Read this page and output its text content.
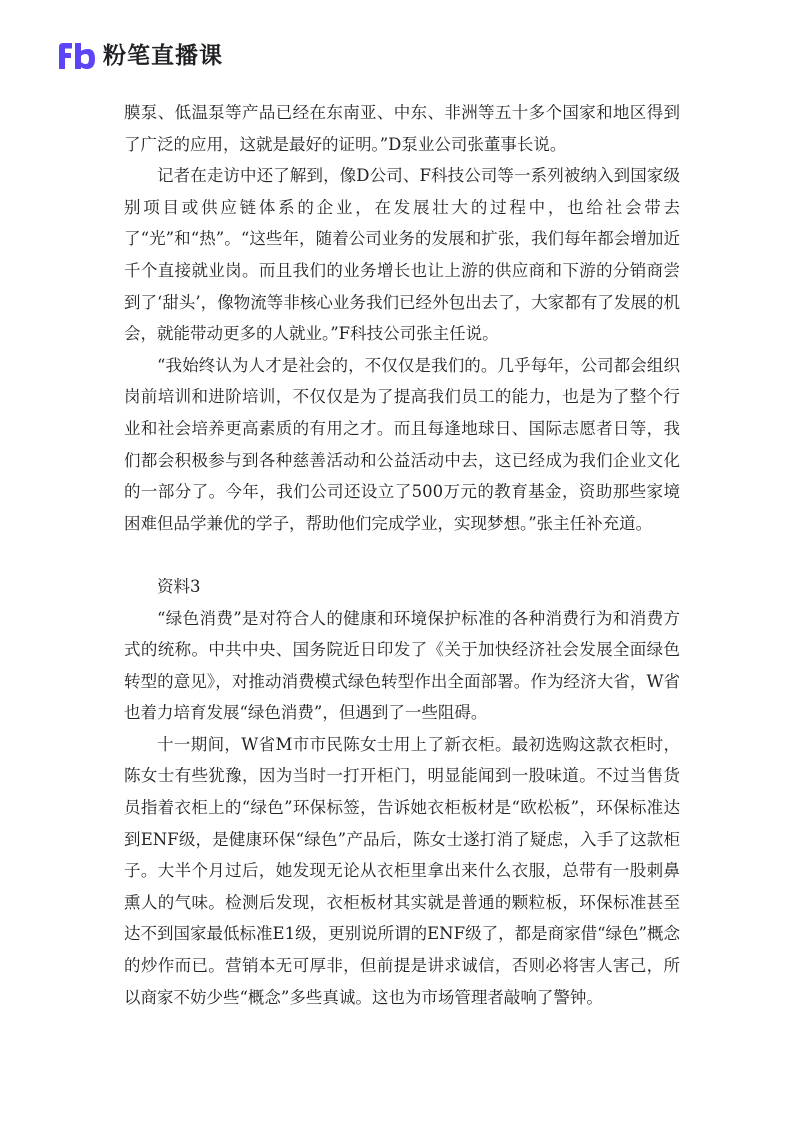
粉笔直播课

膜泵、低温泵等产品已经在东南亚、中东、非洲等五十多个国家和地区得到了广泛的应用，这就是最好的证明。”D泵业公司张董事长说。

记者在走访中还了解到，像D公司、F科技公司等一系列被纳入到国家级别项目或供应链体系的企业，在发展壮大的过程中，也给社会带去了“光”和“热”。“这些年，随着公司业务的发展和扩张，我们每年都会增加近千个直接就业岗。而且我们的业务增长也让上游的供应商和下游的分销商尝到了‘甜头’，像物流等非核心业务我们已经外包出去了，大家都有了发展的机会，就能带动更多的人就业。”F科技公司张主任说。

“我始终认为人才是社会的，不仅仅是我们的。几乎每年，公司都会组织岗前培训和进阶培训，不仅仅是为了提高我们员工的能力，也是为了整个行业和社会培养更高素质的有用之才。而且每逢地球日、国际志愿者日等，我们都会积极参与到各种慈善活动和公益活动中去，这已经成为我们企业文化的一部分了。今年，我们公司还设立了500万元的教育基金，资助那些家境困难但品学兼优的学子，帮助他们完成学业，实现梦想。”张主任补充道。

资料3

“绿色消费”是对符合人的健康和环境保护标准的各种消费行为和消费方式的统称。中共中央、国务院近日印发了《关于加快经济社会发展全面绿色转型的意见》，对推动消费模式绿色转型作出全面部署。作为经济大省，W省也着力培育发展“绿色消费”，但遇到了一些阻碍。

十一期间，W省M市市民陈女士用上了新衣柜。最初选购这款衣柜时，陈女士有些犹豫，因为当时一打开柜门，明显能闻到一股味道。不过当售货员指着衣柜上的“绿色”环保标签，告诉她衣柜板材是“欧松板”，环保标准达到ENF级，是健康环保“绿色”产品后，陈女士遂打消了疑虑，入手了这款柜子。大半个月过后，她发现无论从衣柜里拿出来什么衣服，总带有一股刺鼻熏人的气味。检测后发现，衣柜板材其实就是普通的颗粒板，环保标准甚至达不到国家最低标准E1级，更别说所谓的ENF级了，都是商家借“绿色”概念的炒作而已。营销本无可厚非，但前提是讲求诚信，否则必将害人害己，所以商家不妨少些“概念”多些真诚。这也为市场管理者敲响了警钟。
